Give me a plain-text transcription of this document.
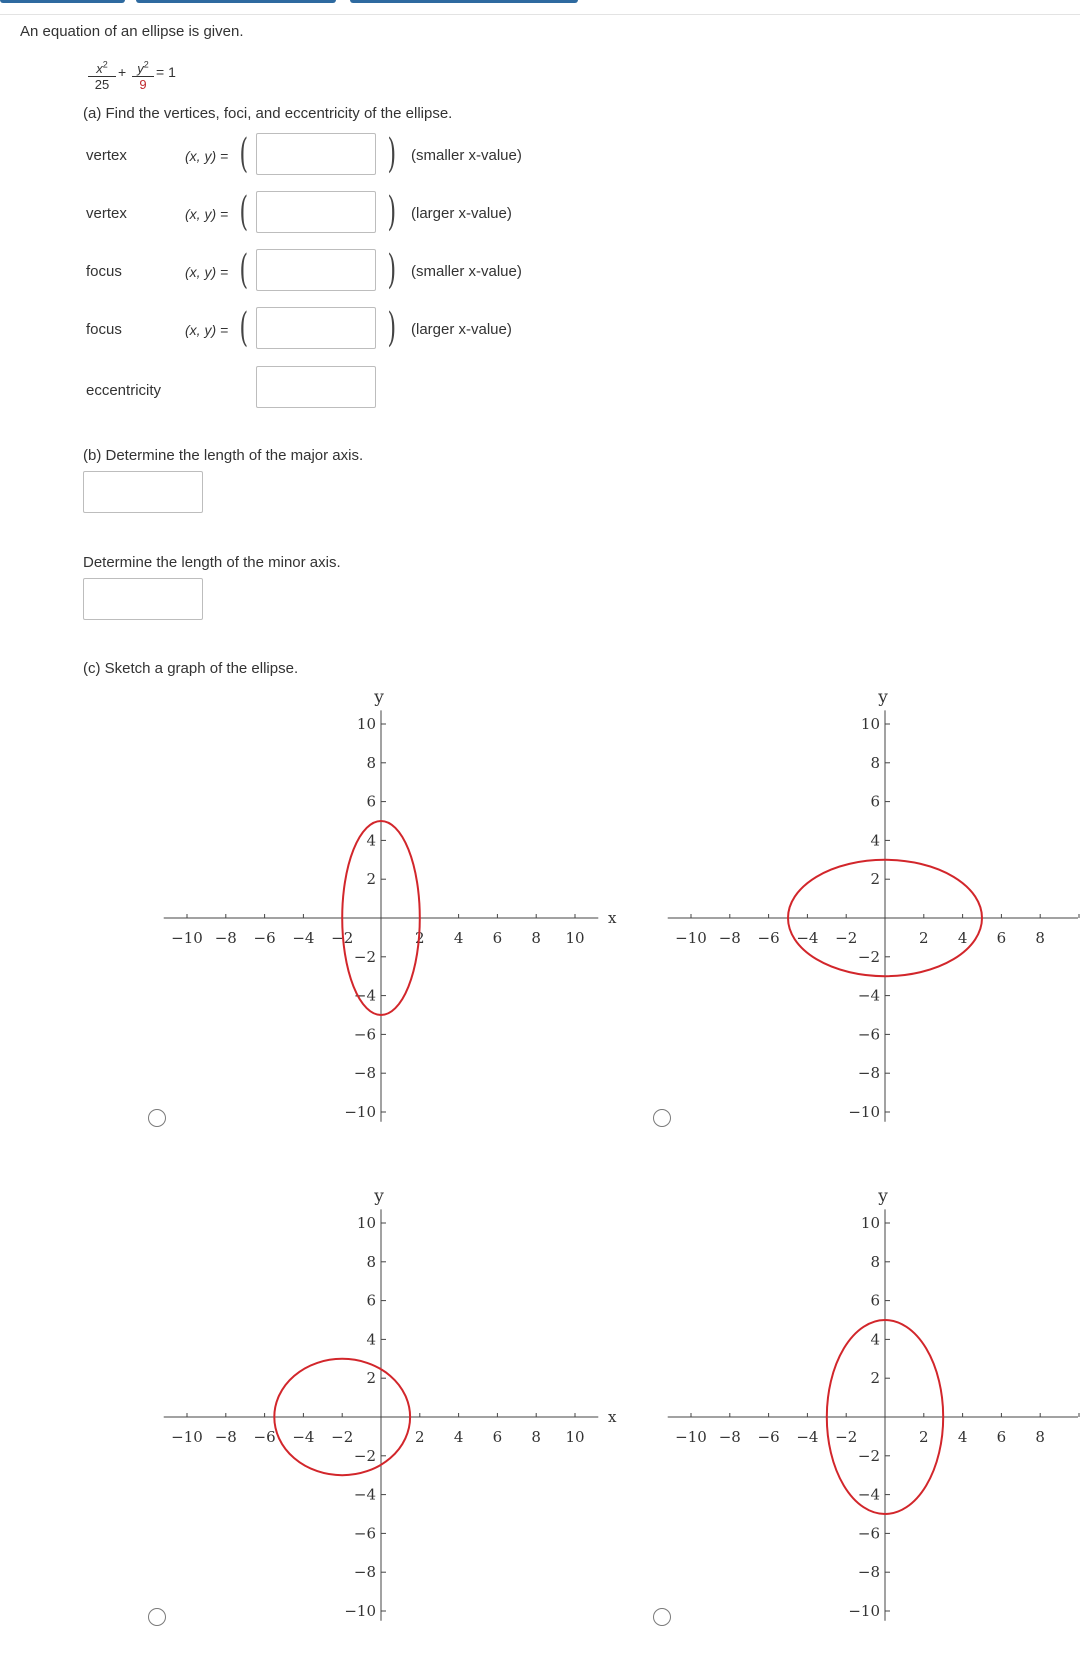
An equation of an ellipse is given.
$\frac{x^2}{25} + \frac{y^2}{9} = 1$
(a) Find the vertices, foci, and eccentricity of the ellipse.
vertex	(x, y) = (	) (smaller x-value)
vertex	(x, y) = (	) (larger x-value)
focus	(x, y) = (	) (smaller x-value)
focus	(x, y) = (	) (larger x-value)
eccentricity
(b) Determine the length of the major axis.
Determine the length of the minor axis.
(c) Sketch a graph of the ellipse.
x
y
−10
−10
−8
−8
−6
−6
−4
−4
−2
−2
2
2
4
4
6
6
8
8
10
10
y
−10
−10
−8
−8
−6
−6
−4
−4
−2
−2
2
2
4
4
6
6
8
8
10
x
y
−10
−10
−8
−8
−6
−6
−4
−4
−2
−2
2
2
4
4
6
6
8
8
10
10
y
−10
−10
−8
−8
−6
−6
−4
−4
−2
−2
2
2
4
4
6
6
8
8
10
